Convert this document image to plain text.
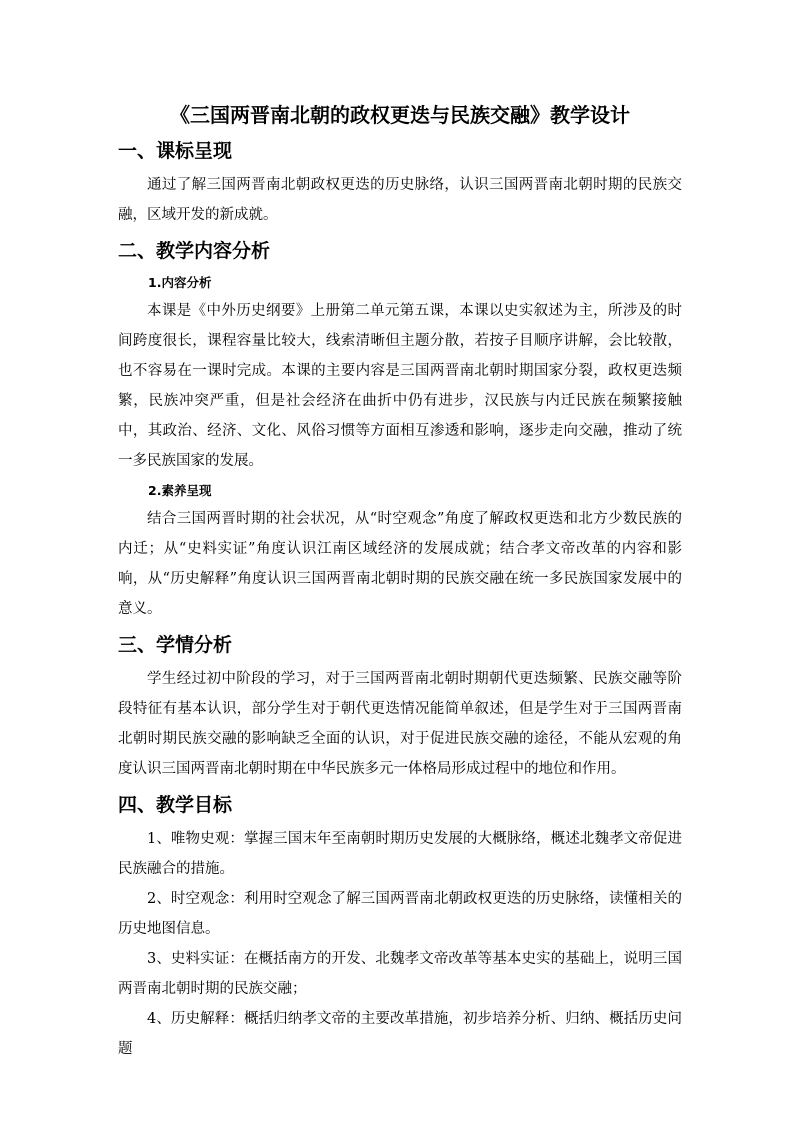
《三国两晋南北朝的政权更迭与民族交融》教学设计
一、课标呈现

通过了解三国两晋南北朝政权更迭的历史脉络，认识三国两晋南北朝时期的民族交融，区域开发的新成就。

二、教学内容分析
1.内容分析

本课是《中外历史纲要》上册第二单元第五课，本课以史实叙述为主，所涉及的时间跨度很长，课程容量比较大，线索清晰但主题分散，若按子目顺序讲解，会比较散，也不容易在一课时完成。本课的主要内容是三国两晋南北朝时期国家分裂，政权更迭频繁，民族冲突严重，但是社会经济在曲折中仍有进步，汉民族与内迁民族在频繁接触中，其政治、经济、文化、风俗习惯等方面相互渗透和影响，逐步走向交融，推动了统一多民族国家的发展。

2.素养呈现

结合三国两晋时期的社会状况，从“时空观念”角度了解政权更迭和北方少数民族的内迁；从“史料实证”角度认识江南区域经济的发展成就；结合孝文帝改革的内容和影响，从“历史解释”角度认识三国两晋南北朝时期的民族交融在统一多民族国家发展中的意义。

三、学情分析

学生经过初中阶段的学习，对于三国两晋南北朝时期朝代更迭频繁、民族交融等阶段特征有基本认识，部分学生对于朝代更迭情况能简单叙述，但是学生对于三国两晋南北朝时期民族交融的影响缺乏全面的认识，对于促进民族交融的途径，不能从宏观的角度认识三国两晋南北朝时期在中华民族多元一体格局形成过程中的地位和作用。

四、教学目标

1、唯物史观：掌握三国末年至南朝时期历史发展的大概脉络，概述北魏孝文帝促进民族融合的措施。

2、时空观念：利用时空观念了解三国两晋南北朝政权更迭的历史脉络，读懂相关的历史地图信息。

3、史料实证：在概括南方的开发、北魏孝文帝改革等基本史实的基础上，说明三国两晋南北朝时期的民族交融；

4、历史解释：概括归纳孝文帝的主要改革措施，初步培养分析、归纳、概括历史问题
